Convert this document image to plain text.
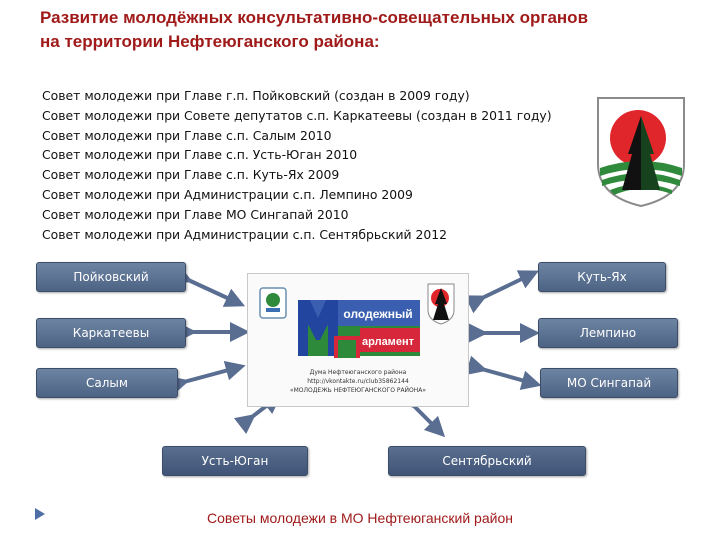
Развитие молодёжных консультативно-совещательных органов
на территории Нефтеюганского района:
Совет молодежи при Главе г.п. Пойковский (создан в 2009 году)
Совет молодежи при Совете депутатов с.п. Каркатеевы (создан в 2011 году)
Совет молодежи при Главе с.п. Салым 2010
Совет молодежи при Главе с.п. Усть-Юган 2010
Совет молодежи при Главе с.п. Куть-Ях 2009
Совет молодежи при Администрации с.п. Лемпино 2009
Совет молодежи при Главе МО Сингапай 2010
Совет молодежи при Администрации с.п. Сентябрьский 2012
Пойковский	Куть-Ях
Каркатеевы	Лемпино
Салым	МО Сингапай
Усть-Юган	Сентябрьский
олодежный
арламент
Дума Нефтеюганского района
http://vkontakte.ru/club35862144
«МОЛОДЕЖЬ НЕФТЕЮГАНСКОГО РАЙОНА»
Советы молодежи в МО Нефтеюганский район
